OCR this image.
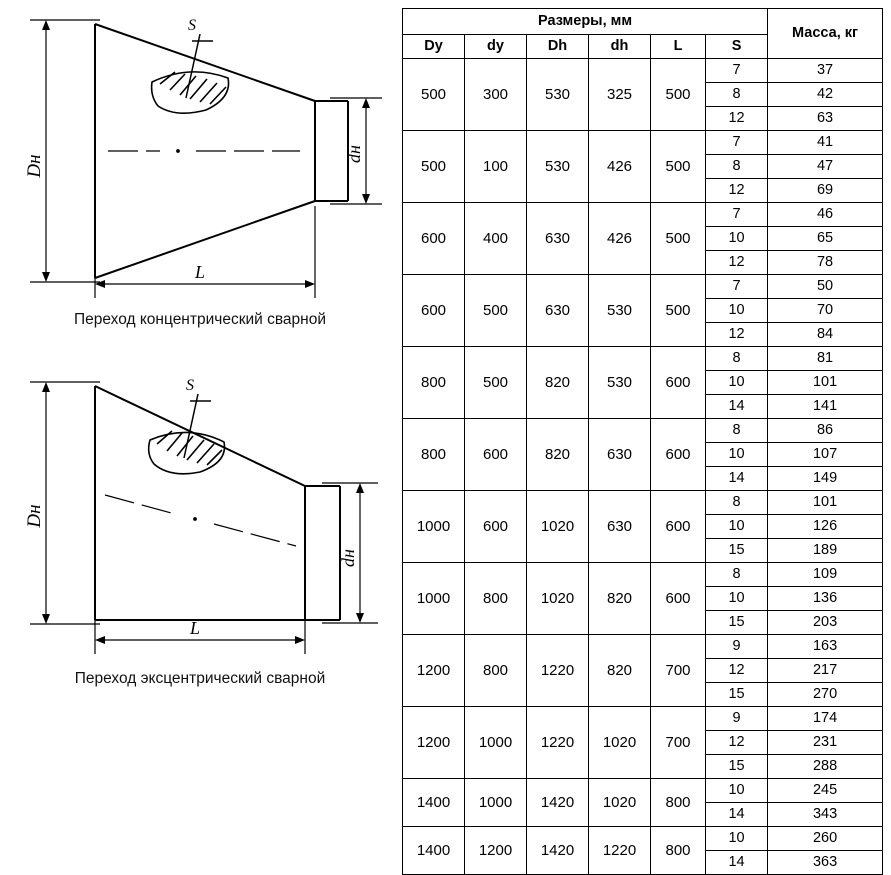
S
Dн
dн
L
Переход концентрический сварной
S
Dн
dн
L
Переход эксцентрический сварной
Размеры, мм						Масса, кг
Dy	dy	Dh	dh	L	S	
500	300	530	325	500	7	37
					8	42
					12	63
500	100	530	426	500	7	41
					8	47
					12	69
600	400	630	426	500	7	46
					10	65
					12	78
600	500	630	530	500	7	50
					10	70
					12	84
800	500	820	530	600	8	81
					10	101
					14	141
800	600	820	630	600	8	86
					10	107
					14	149
1000	600	1020	630	600	8	101
					10	126
					15	189
1000	800	1020	820	600	8	109
					10	136
					15	203
1200	800	1220	820	700	9	163
					12	217
					15	270
1200	1000	1220	1020	700	9	174
					12	231
					15	288
1400	1000	1420	1020	800	10	245
					14	343
1400	1200	1420	1220	800	10	260
					14	363
